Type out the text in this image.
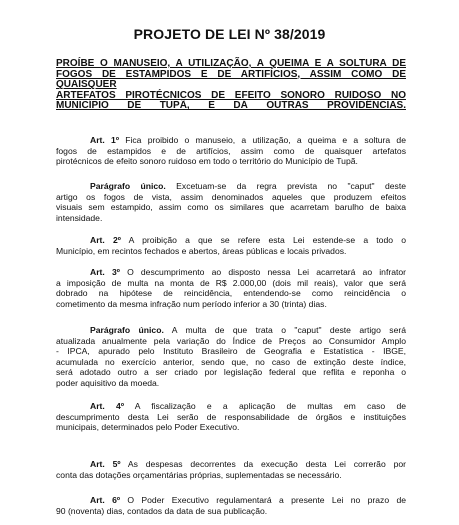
PROJETO DE LEI Nº 38/2019
PROÍBE O MANUSEIO, A UTILIZAÇÃO, A QUEIMA E A SOLTURA DE
FOGOS DE ESTAMPIDOS E DE ARTIFÍCIOS, ASSIM COMO DE QUAISQUER
ARTEFATOS PIROTÉCNICOS DE EFEITO SONORO RUIDOSO NO
MUNICÍPIO DE TUPÃ, E DÁ OUTRAS PROVIDÊNCIAS.
Art. 1º Fica proibido o manuseio, a utilização, a queima e a soltura de
fogos de estampidos e de artifícios, assim como de quaisquer artefatos
pirotécnicos de efeito sonoro ruidoso em todo o território do Município de Tupã.
Parágrafo único. Excetuam-se da regra prevista no "caput" deste
artigo os fogos de vista, assim denominados aqueles que produzem efeitos
visuais sem estampido, assim como os similares que acarretam barulho de baixa
intensidade.
Art. 2º A proibição a que se refere esta Lei estende-se a todo o
Município, em recintos fechados e abertos, áreas públicas e locais privados.
Art. 3º O descumprimento ao disposto nessa Lei acarretará ao infrator
a imposição de multa na monta de R$ 2.000,00 (dois mil reais), valor que será
dobrado na hipótese de reincidência, entendendo-se como reincidência o
cometimento da mesma infração num período inferior a 30 (trinta) dias.
Parágrafo único. A multa de que trata o "caput" deste artigo será
atualizada anualmente pela variação do Índice de Preços ao Consumidor Amplo
- IPCA, apurado pelo Instituto Brasileiro de Geografia e Estatística - IBGE,
acumulada no exercício anterior, sendo que, no caso de extinção deste índice,
será adotado outro a ser criado por legislação federal que reflita e reponha o
poder aquisitivo da moeda.
Art. 4º A fiscalização e a aplicação de multas em caso de
descumprimento desta Lei serão de responsabilidade de órgãos e instituições
municipais, determinados pelo Poder Executivo.
Art. 5º As despesas decorrentes da execução desta Lei correrão por
conta das dotações orçamentárias próprias, suplementadas se necessário.
Art. 6º O Poder Executivo regulamentará a presente Lei no prazo de
90 (noventa) dias, contados da data de sua publicação.
